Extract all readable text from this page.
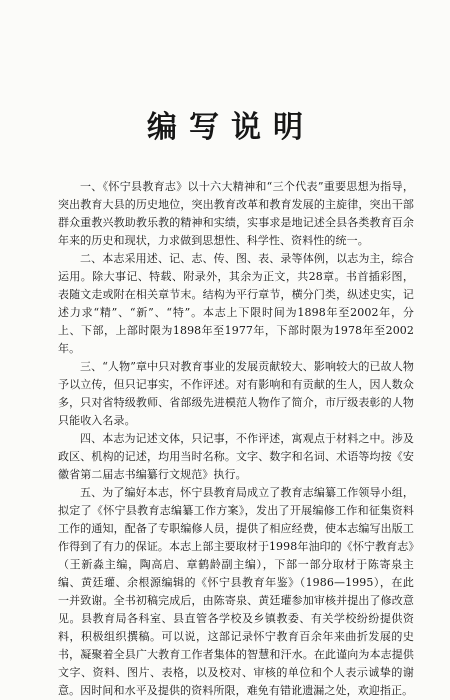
编写说明

一、《怀宁县教育志》以十六大精神和“三个代表”重要思想为指导，突出教育大县的历史地位，突出教育改革和教育发展的主旋律，突出干部群众重教兴教助教乐教的精神和实绩，实事求是地记述全县各类教育百余年来的历史和现状，力求做到思想性、科学性、资料性的统一。

二、本志采用述、记、志、传、图、表、录等体例，以志为主，综合运用。除大事记、特载、附录外，其余为正文，共28章。书首插彩图，表随文走或附在相关章节末。结构为平行章节，横分门类，纵述史实，记述力求“精”、“新”、“特”。本志上下限时间为1898年至2002年，分上、下部，上部时限为1898年至1977年，下部时限为1978年至2002年。

三、“人物”章中只对教育事业的发展贡献较大、影响较大的已故人物予以立传，但只记事实，不作评述。对有影响和有贡献的生人，因人数众多，只对省特级教师、省部级先进模范人物作了简介，市厅级表彰的人物只能收入名录。

四、本志为记述文体，只记事，不作评述，寓观点于材料之中。涉及政区、机构的记述，均用当时名称。文字、数字和名词、术语等均按《安徽省第二届志书编纂行文规范》执行。

五、为了编好本志，怀宁县教育局成立了教育志编纂工作领导小组，拟定了《怀宁县教育志编纂工作方案》，发出了开展编修工作和征集资料工作的通知，配备了专职编修人员，提供了相应经费，使本志编写出版工作得到了有力的保证。本志上部主要取材于1998年油印的《怀宁教育志》（王新淼主编，陶高启、章鹤龄副主编），下部一部分取材于陈寄泉主编、黄廷瓘、余根源编辑的《怀宁县教育年鉴》（1986—1995），在此一并致谢。全书初稿完成后，由陈寄泉、黄廷瓘参加审核并提出了修改意见。县教育局各科室、县直管各学校及乡镇教委、有关学校纷纷提供资料，积极组织撰稿。可以说，这部记录怀宁教育百余年来曲折发展的史书，凝聚着全县广大教育工作者集体的智慧和汗水。在此谨向为本志提供文字、资料、图片、表格，以及校对、审核的单位和个人表示诚挚的谢意。因时间和水平及提供的资料所限，难免有错讹遗漏之处，欢迎指正。
